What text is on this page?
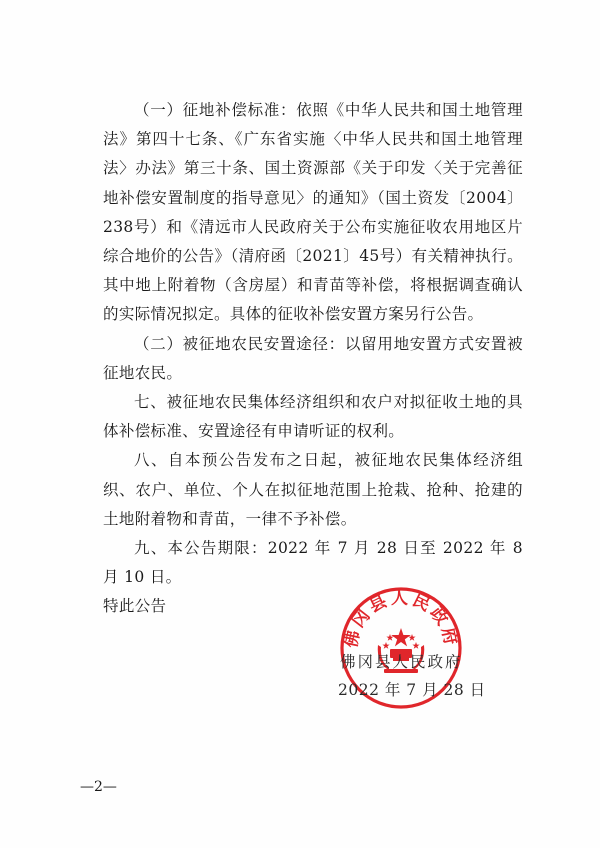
（一）征地补偿标准：依照《中华人民共和国土地管理法》第四十七条、《广东省实施〈中华人民共和国土地管理法〉办法》第三十条、国土资源部《关于印发〈关于完善征地补偿安置制度的指导意见〉的通知》（国土资发〔2004〕238号）和《清远市人民政府关于公布实施征收农用地区片综合地价的公告》（清府函〔2021〕45号）有关精神执行。其中地上附着物（含房屋）和青苗等补偿，将根据调查确认的实际情况拟定。具体的征收补偿安置方案另行公告。

（二）被征地农民安置途径：以留用地安置方式安置被征地农民。

七、被征地农民集体经济组织和农户对拟征收土地的具体补偿标准、安置途径有申请听证的权利。

八、自本预公告发布之日起，被征地农民集体经济组织、农户、单位、个人在拟征地范围上抢栽、抢种、抢建的土地附着物和青苗，一律不予补偿。

九、本公告期限：2022 年 7 月 28 日至 2022 年 8 月 10 日。

特此公告

佛冈县人民政府
佛冈县人民政府
2022 年 7 月 28 日
—2—
